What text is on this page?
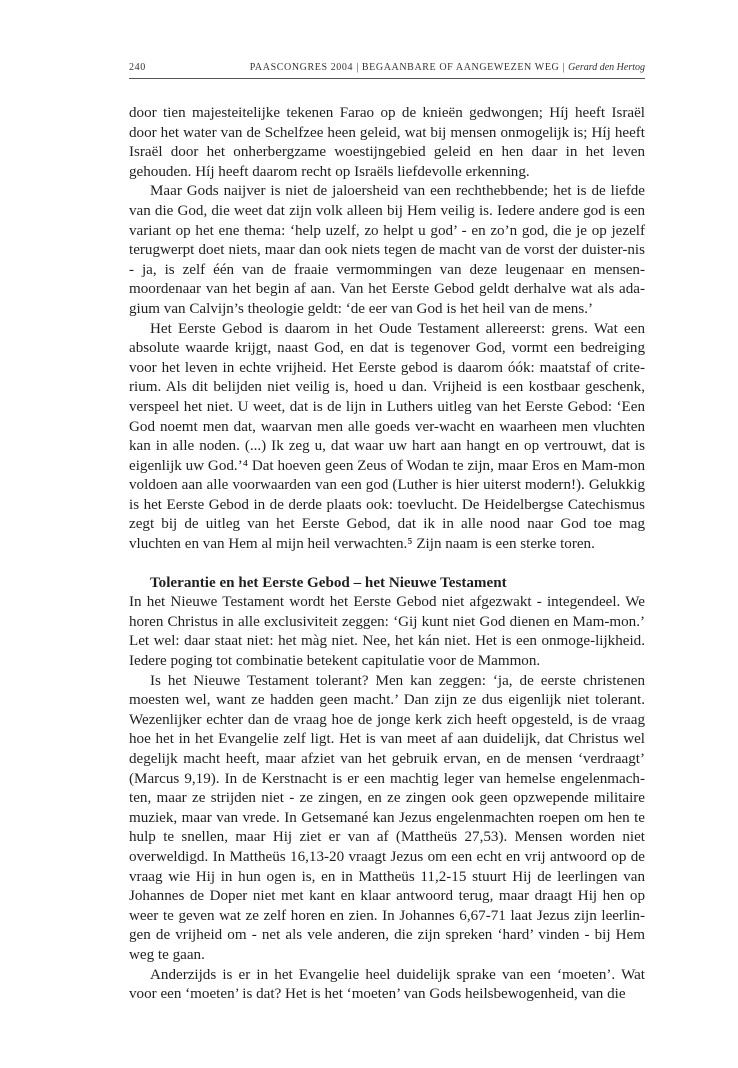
240	PAASCONGRES 2004 | BEGAANBARE OF AANGEWEZEN WEG | Gerard den Hertog

door tien majesteitelijke tekenen Farao op de knieën gedwongen; Híj heeft Israël door het water van de Schelfzee heen geleid, wat bij mensen onmogelijk is; Híj heeft Israël door het onherbergzame woestijngebied geleid en hen daar in het leven gehouden. Híj heeft daarom recht op Israëls liefdevolle erkenning.

Maar Gods naijver is niet de jaloersheid van een rechthebbende; het is de liefde van die God, die weet dat zijn volk alleen bij Hem veilig is. Iedere andere god is een variant op het ene thema: ‘help uzelf, zo helpt u god’ - en zo’n god, die je op jezelf terugwerpt doet niets, maar dan ook niets tegen de macht van de vorst der duister-nis - ja, is zelf één van de fraaie vermommingen van deze leugenaar en mensen-moordenaar van het begin af aan. Van het Eerste Gebod geldt derhalve wat als ada-gium van Calvijn’s theologie geldt: ‘de eer van God is het heil van de mens.’

Het Eerste Gebod is daarom in het Oude Testament allereerst: grens. Wat een absolute waarde krijgt, naast God, en dat is tegenover God, vormt een bedreiging voor het leven in echte vrijheid. Het Eerste gebod is daarom óók: maatstaf of crite-rium. Als dit belijden niet veilig is, hoed u dan. Vrijheid is een kostbaar geschenk, verspeel het niet. U weet, dat is de lijn in Luthers uitleg van het Eerste Gebod: ‘Een God noemt men dat, waarvan men alle goeds ver-wacht en waarheen men vluchten kan in alle noden. (...) Ik zeg u, dat waar uw hart aan hangt en op vertrouwt, dat is eigenlijk uw God.’⁴ Dat hoeven geen Zeus of Wodan te zijn, maar Eros en Mam-mon voldoen aan alle voorwaarden van een god (Luther is hier uiterst modern!). Gelukkig is het Eerste Gebod in de derde plaats ook: toevlucht. De Heidelbergse Catechismus zegt bij de uitleg van het Eerste Gebod, dat ik in alle nood naar God toe mag vluchten en van Hem al mijn heil verwachten.⁵ Zijn naam is een sterke toren.

Tolerantie en het Eerste Gebod – het Nieuwe Testament

In het Nieuwe Testament wordt het Eerste Gebod niet afgezwakt - integendeel. We horen Christus in alle exclusiviteit zeggen: ‘Gij kunt niet God dienen en Mam-mon.’ Let wel: daar staat niet: het màg niet. Nee, het kán niet. Het is een onmoge-lijkheid. Iedere poging tot combinatie betekent capitulatie voor de Mammon.

Is het Nieuwe Testament tolerant? Men kan zeggen: ‘ja, de eerste christenen moesten wel, want ze hadden geen macht.’ Dan zijn ze dus eigenlijk niet tolerant. Wezenlijker echter dan de vraag hoe de jonge kerk zich heeft opgesteld, is de vraag hoe het in het Evangelie zelf ligt. Het is van meet af aan duidelijk, dat Christus wel degelijk macht heeft, maar afziet van het gebruik ervan, en de mensen ‘verdraagt’ (Marcus 9,19). In de Kerstnacht is er een machtig leger van hemelse engelenmach-ten, maar ze strijden niet - ze zingen, en ze zingen ook geen opzwepende militaire muziek, maar van vrede. In Getsemané kan Jezus engelenmachten roepen om hen te hulp te snellen, maar Hij ziet er van af (Mattheüs 27,53). Mensen worden niet overweldigd. In Mattheüs 16,13-20 vraagt Jezus om een echt en vrij antwoord op de vraag wie Hij in hun ogen is, en in Mattheüs 11,2-15 stuurt Hij de leerlingen van Johannes de Doper niet met kant en klaar antwoord terug, maar draagt Hij hen op weer te geven wat ze zelf horen en zien. In Johannes 6,67-71 laat Jezus zijn leerlin-gen de vrijheid om - net als vele anderen, die zijn spreken ‘hard’ vinden - bij Hem weg te gaan.

Anderzijds is er in het Evangelie heel duidelijk sprake van een ‘moeten’. Wat voor een ‘moeten’ is dat? Het is het ‘moeten’ van Gods heilsbewogenheid, van die
